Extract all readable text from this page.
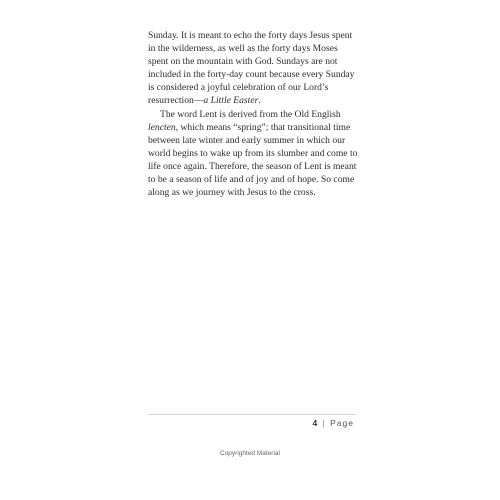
Sunday. It is meant to echo the forty days Jesus spent in the wilderness, as well as the forty days Moses spent on the mountain with God. Sundays are not included in the forty-day count because every Sunday is considered a joyful celebration of our Lord’s resurrection—a Little Easter.

The word Lent is derived from the Old English lencten, which means “spring”; that transitional time between late winter and early summer in which our world begins to wake up from its slumber and come to life once again. Therefore, the season of Lent is meant to be a season of life and of joy and of hope. So come along as we journey with Jesus to the cross.

4 | Page
Copyrighted Material
